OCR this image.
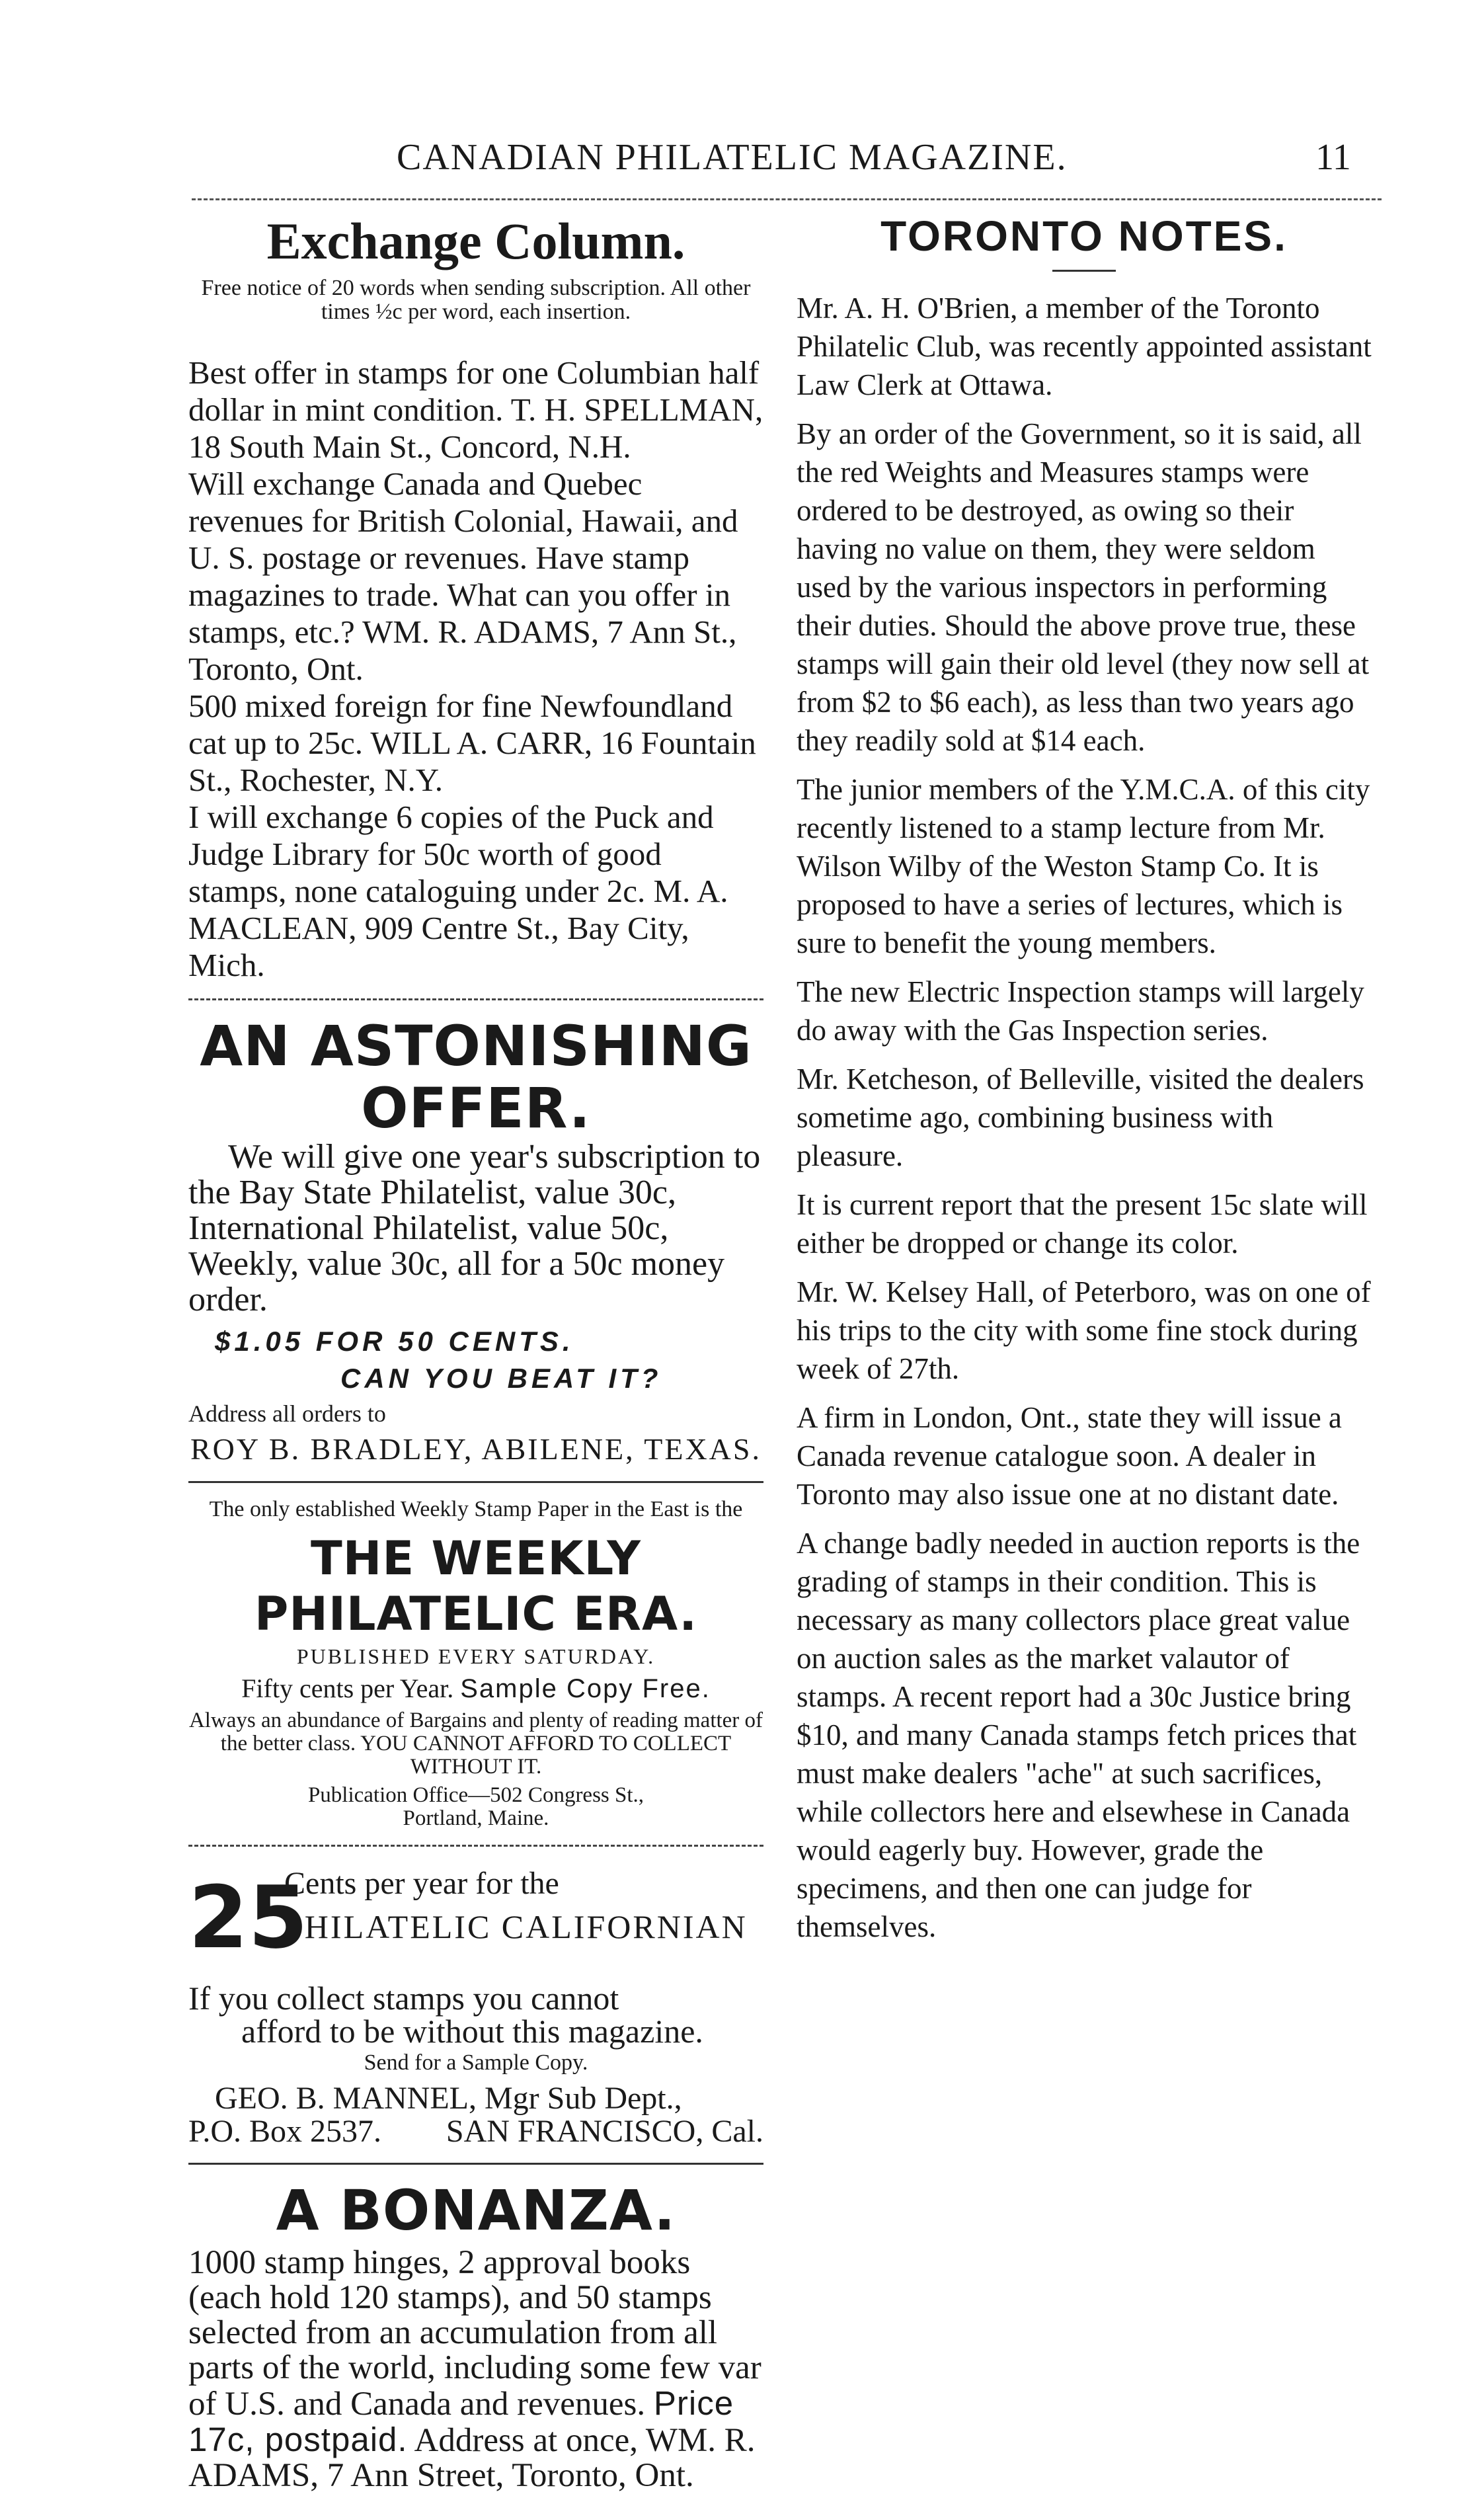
CANADIAN PHILATELIC MAGAZINE.	11
Exchange Column.
Free notice of 20 words when sending subscription. All other times ½c per word, each insertion.

Best offer in stamps for one Columbian half dollar in mint condition. T. H. SPELLMAN, 18 South Main St., Concord, N.H.

Will exchange Canada and Quebec revenues for British Colonial, Hawaii, and U. S. postage or revenues. Have stamp magazines to trade. What can you offer in stamps, etc.? WM. R. ADAMS, 7 Ann St., Toronto, Ont.

500 mixed foreign for fine Newfoundland cat up to 25c. WILL A. CARR, 16 Fountain St., Rochester, N.Y.

I will exchange 6 copies of the Puck and Judge Library for 50c worth of good stamps, none cataloguing under 2c. M. A. MACLEAN, 909 Centre St., Bay City, Mich.

AN ASTONISHING OFFER.
We will give one year's subscription to the Bay State Philatelist, value 30c, International Philatelist, value 50c, Weekly, value 30c, all for a 50c money order.
$1.05 FOR 50 CENTS.
CAN YOU BEAT IT?
Address all orders to
ROY B. BRADLEY, ABILENE, TEXAS.
The only established Weekly Stamp Paper in the East is the
THE WEEKLY PHILATELIC ERA.
PUBLISHED EVERY SATURDAY.
Fifty cents per Year. Sample Copy Free.
Always an abundance of Bargains and plenty of reading matter of the better class. YOU CANNOT AFFORD TO COLLECT WITHOUT IT.
Publication Office—502 Congress St.,
Portland, Maine.
25
Cents per year for the
PHILATELIC CALIFORNIAN
If you collect stamps you cannot
afford to be without this magazine.
Send for a Sample Copy.
GEO. B. MANNEL, Mgr Sub Dept.,
P.O. Box 2537. SAN FRANCISCO, Cal.
A BONANZA.
1000 stamp hinges, 2 approval books (each hold 120 stamps), and 50 stamps selected from an accumulation from all parts of the world, including some few var of U.S. and Canada and revenues. Price 17c, postpaid. Address at once, WM. R. ADAMS, 7 Ann Street, Toronto, Ont.
TORONTO NOTES.

Mr. A. H. O'Brien, a member of the Toronto Philatelic Club, was recently appointed assistant Law Clerk at Ottawa.

By an order of the Government, so it is said, all the red Weights and Measures stamps were ordered to be destroyed, as owing so their having no value on them, they were seldom used by the various inspectors in performing their duties. Should the above prove true, these stamps will gain their old level (they now sell at from $2 to $6 each), as less than two years ago they readily sold at $14 each.

The junior members of the Y.M.C.A. of this city recently listened to a stamp lecture from Mr. Wilson Wilby of the Weston Stamp Co. It is proposed to have a series of lectures, which is sure to benefit the young members.

The new Electric Inspection stamps will largely do away with the Gas Inspection series.

Mr. Ketcheson, of Belleville, visited the dealers sometime ago, combining business with pleasure.

It is current report that the present 15c slate will either be dropped or change its color.

Mr. W. Kelsey Hall, of Peterboro, was on one of his trips to the city with some fine stock during week of 27th.

A firm in London, Ont., state they will issue a Canada revenue catalogue soon. A dealer in Toronto may also issue one at no distant date.

A change badly needed in auction reports is the grading of stamps in their condition. This is necessary as many collectors place great value on auction sales as the market valautor of stamps. A recent report had a 30c Justice bring $10, and many Canada stamps fetch prices that must make dealers "ache" at such sacrifices, while collectors here and elsewhese in Canada would eagerly buy. However, grade the specimens, and then one can judge for themselves.
